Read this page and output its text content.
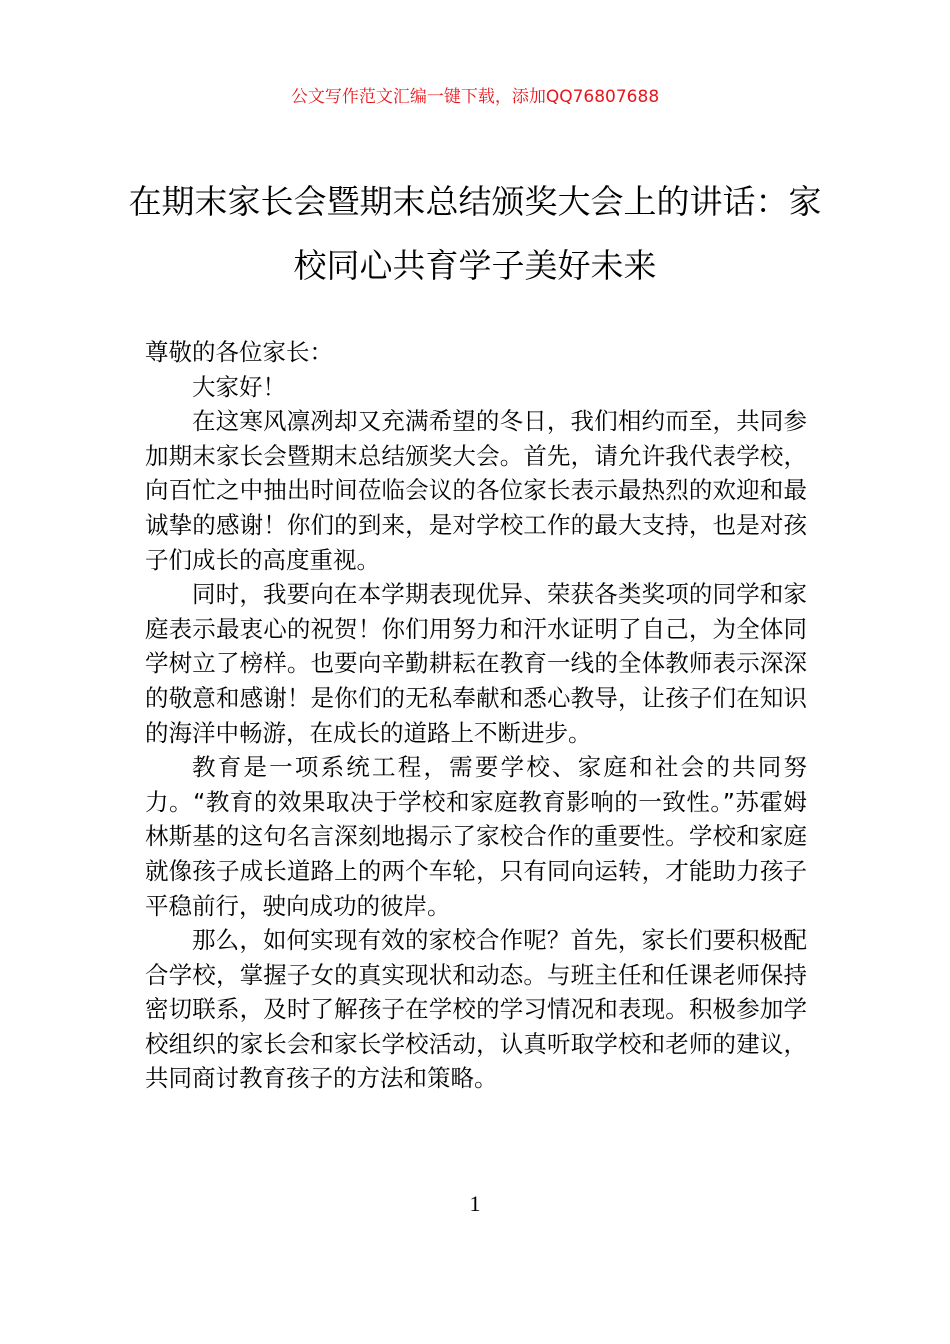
公文写作范文汇编一键下载，添加QQ76807688
在期末家长会暨期末总结颁奖大会上的讲话：家校同心共育学子美好未来

尊敬的各位家长：

大家好！

在这寒风凛冽却又充满希望的冬日，我们相约而至，共同参加期末家长会暨期末总结颁奖大会。首先，请允许我代表学校，向百忙之中抽出时间莅临会议的各位家长表示最热烈的欢迎和最诚挚的感谢！你们的到来，是对学校工作的最大支持，也是对孩子们成长的高度重视。

同时，我要向在本学期表现优异、荣获各类奖项的同学和家庭表示最衷心的祝贺！你们用努力和汗水证明了自己，为全体同学树立了榜样。也要向辛勤耕耘在教育一线的全体教师表示深深的敬意和感谢！是你们的无私奉献和悉心教导，让孩子们在知识的海洋中畅游，在成长的道路上不断进步。

教育是一项系统工程，需要学校、家庭和社会的共同努力。“教育的效果取决于学校和家庭教育影响的一致性。”苏霍姆林斯基的这句名言深刻地揭示了家校合作的重要性。学校和家庭就像孩子成长道路上的两个车轮，只有同向运转，才能助力孩子平稳前行，驶向成功的彼岸。

那么，如何实现有效的家校合作呢？首先，家长们要积极配合学校，掌握子女的真实现状和动态。与班主任和任课老师保持密切联系，及时了解孩子在学校的学习情况和表现。积极参加学校组织的家长会和家长学校活动，认真听取学校和老师的建议，共同商讨教育孩子的方法和策略。

1
